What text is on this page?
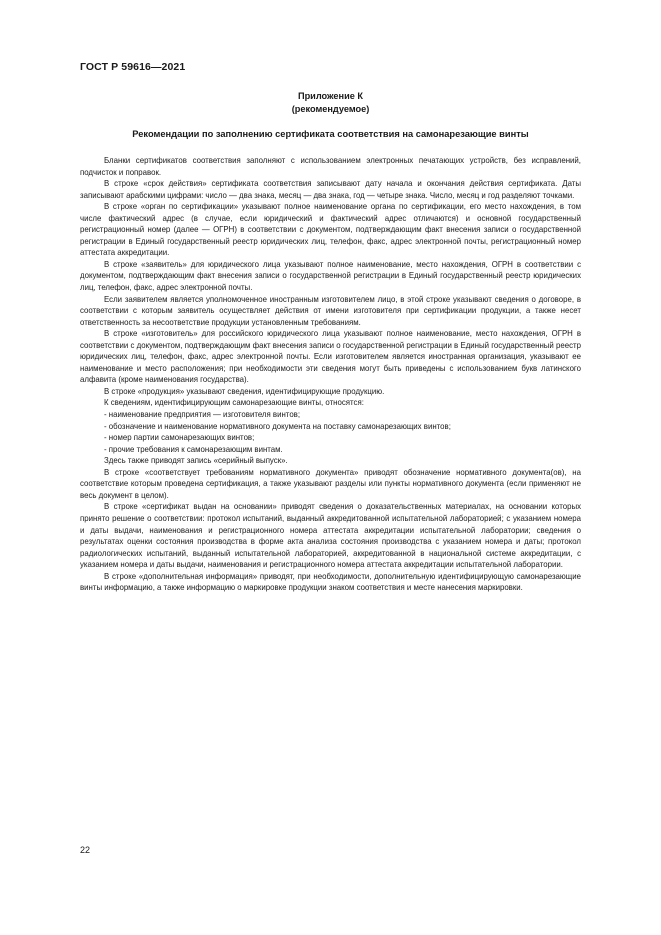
ГОСТ Р 59616—2021
Приложение К
(рекомендуемое)
Рекомендации по заполнению сертификата соответствия на самонарезающие винты

Бланки сертификатов соответствия заполняют с использованием электронных печатающих устройств, без исправлений, подчисток и поправок.

В строке «срок действия» сертификата соответствия записывают дату начала и окончания действия сертификата. Даты записывают арабскими цифрами: число — два знака, месяц — два знака, год — четыре знака. Число, месяц и год разделяют точками.

В строке «орган по сертификации» указывают полное наименование органа по сертификации, его место нахождения, в том числе фактический адрес (в случае, если юридический и фактический адрес отличаются) и основной государственный регистрационный номер (далее — ОГРН) в соответствии с документом, подтверждающим факт внесения записи о государственной регистрации в Единый государственный реестр юридических лиц, телефон, факс, адрес электронной почты, регистрационный номер аттестата аккредитации.

В строке «заявитель» для юридического лица указывают полное наименование, место нахождения, ОГРН в соответствии с документом, подтверждающим факт внесения записи о государственной регистрации в Единый государственный реестр юридических лиц, телефон, факс, адрес электронной почты.

Если заявителем является уполномоченное иностранным изготовителем лицо, в этой строке указывают сведения о договоре, в соответствии с которым заявитель осуществляет действия от имени изготовителя при сертификации продукции, а также несет ответственность за несоответствие продукции установленным требованиям.

В строке «изготовитель» для российского юридического лица указывают полное наименование, место нахождения, ОГРН в соответствии с документом, подтверждающим факт внесения записи о государственной регистрации в Единый государственный реестр юридических лиц, телефон, факс, адрес электронной почты. Если изготовителем является иностранная организация, указывают ее наименование и место расположения; при необходимости эти сведения могут быть приведены с использованием букв латинского алфавита (кроме наименования государства).

В строке «продукция» указывают сведения, идентифицирующие продукцию.

К сведениям, идентифицирующим самонарезающие винты, относятся:

- наименование предприятия — изготовителя винтов;

- обозначение и наименование нормативного документа на поставку самонарезающих винтов;

- номер партии самонарезающих винтов;

- прочие требования к самонарезающим винтам.

Здесь также приводят запись «серийный выпуск».

В строке «соответствует требованиям нормативного документа» приводят обозначение нормативного документа(ов), на соответствие которым проведена сертификация, а также указывают разделы или пункты нормативного документа (если применяют не весь документ в целом).

В строке «сертификат выдан на основании» приводят сведения о доказательственных материалах, на основании которых принято решение о соответствии: протокол испытаний, выданный аккредитованной испытательной лабораторией; с указанием номера и даты выдачи, наименования и регистрационного номера аттестата аккредитации испытательной лаборатории; сведения о результатах оценки состояния производства в форме акта анализа состояния производства с указанием номера и даты; протокол радиологических испытаний, выданный испытательной лабораторией, аккредитованной в национальной системе аккредитации, с указанием номера и даты выдачи, наименования и регистрационного номера аттестата аккредитации испытательной лаборатории.

В строке «дополнительная информация» приводят, при необходимости, дополнительную идентифицирующую самонарезающие винты информацию, а также информацию о маркировке продукции знаком соответствия и месте нанесения маркировки.

22
